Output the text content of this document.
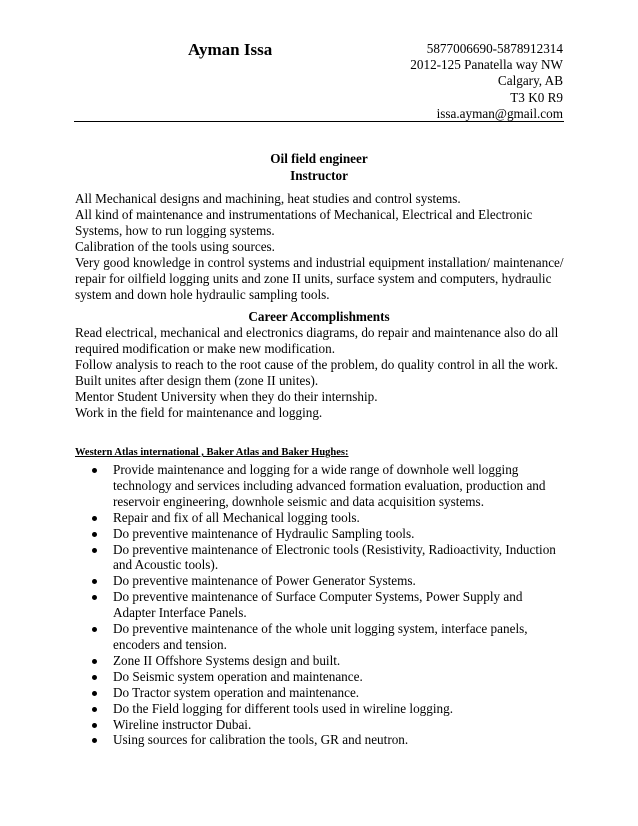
Ayman Issa	5877006690-5878912314
2012-125 Panatella way NW
Calgary, AB
T3 K0 R9
issa.ayman@gmail.com
Oil field engineer
Instructor

All Mechanical designs and machining, heat studies and control systems.

All kind of maintenance and instrumentations of Mechanical, Electrical and Electronic Systems, how to run logging systems.

Calibration of the tools using sources.

Very good knowledge in control systems and industrial equipment installation/ maintenance/ repair for oilfield logging units and zone II units, surface system and computers, hydraulic system and down hole hydraulic sampling tools.

Career Accomplishments

Read electrical, mechanical and electronics diagrams, do repair and maintenance also do all required modification or make new modification.

Follow analysis to reach to the root cause of the problem, do quality control in all the work.

Built unites after design them (zone II unites).

Mentor Student University when they do their internship.

Work in the field for maintenance and logging.

Western Atlas international , Baker Atlas and Baker Hughes:
Provide maintenance and logging for a wide range of downhole well logging technology and services including advanced formation evaluation, production and reservoir engineering, downhole seismic and data acquisition systems.
Repair and fix of all Mechanical logging tools.
Do preventive maintenance of Hydraulic Sampling tools.
Do preventive maintenance of Electronic tools (Resistivity, Radioactivity, Induction and Acoustic tools).
Do preventive maintenance of Power Generator Systems.
Do preventive maintenance of Surface Computer Systems, Power Supply and Adapter Interface Panels.
Do preventive maintenance of the whole unit logging system, interface panels, encoders and tension.
Zone II Offshore Systems design and built.
Do Seismic system operation and maintenance.
Do Tractor system operation and maintenance.
Do the Field logging for different tools used in wireline logging.
Wireline instructor Dubai.
Using sources for calibration the tools, GR and neutron.
